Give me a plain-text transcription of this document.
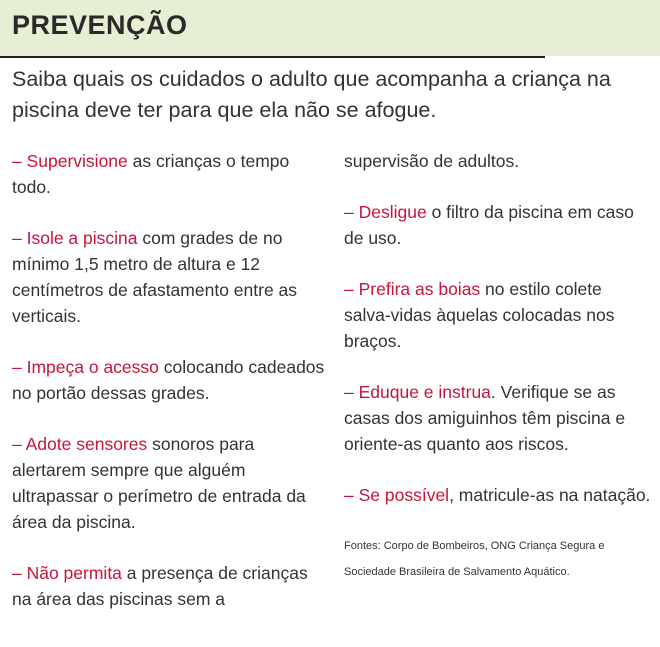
PREVENÇÃO
Saiba quais os cuidados o adulto que acompanha a criança na piscina deve ter para que ela não se afogue.
– Supervisione as crianças o tempo todo.
– Isole a piscina com grades de no mínimo 1,5 metro de altura e 12 centímetros de afastamento entre as verticais.
– Impeça o acesso colocando cadeados no portão dessas grades.
– Adote sensores sonoros para alertarem sempre que alguém ultrapassar o perímetro de entrada da área da piscina.
– Não permita a presença de crianças na área das piscinas sem a
supervisão de adultos.
– Desligue o filtro da piscina em caso de uso.
– Prefira as boias no estilo colete salva-vidas àquelas colocadas nos braços.
– Eduque e instrua. Verifique se as casas dos amiguinhos têm piscina e oriente-as quanto aos riscos.
– Se possível, matricule-as na natação.
Fontes: Corpo de Bombeiros, ONG Criança Segura e Sociedade Brasileira de Salvamento Aquático.
